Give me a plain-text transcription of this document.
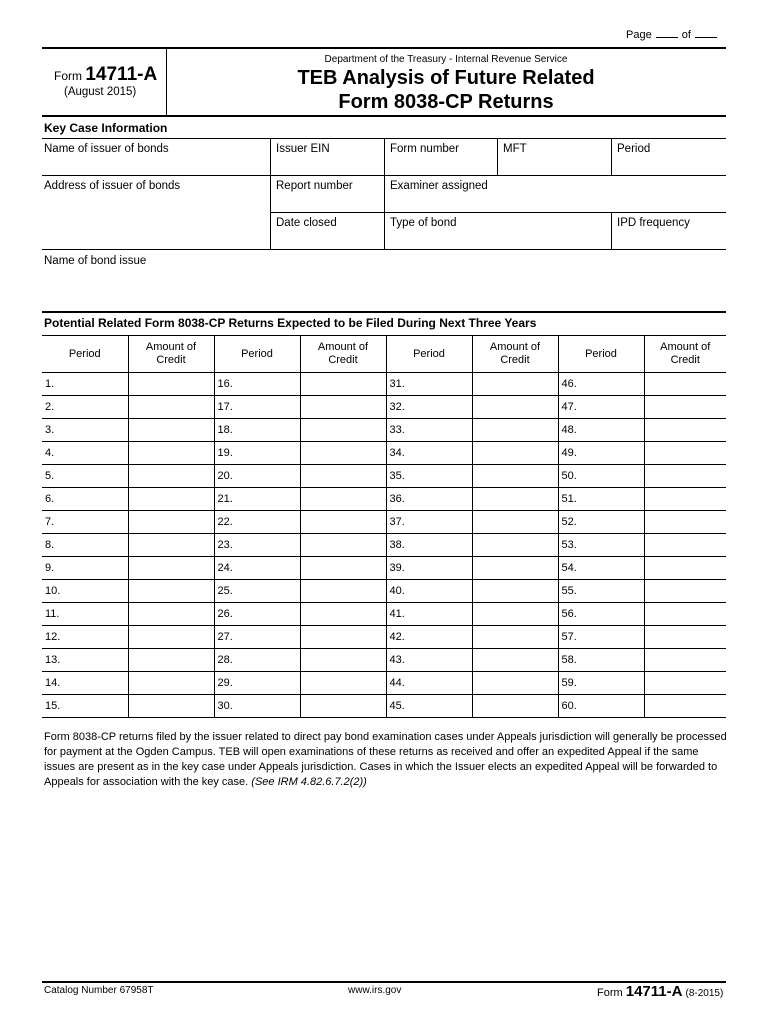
Page	of
Form 14711-A
(August 2015)
Department of the Treasury - Internal Revenue Service
TEB Analysis of Future Related
Form 8038-CP Returns
Key Case Information
Name of issuer of bonds	Issuer EIN	Form number	MFT	Period
Address of issuer of bonds	Report number	Examiner assigned
Date closed	Type of bond	IPD frequency
Name of bond issue
Potential Related Form 8038-CP Returns Expected to be Filed During Next Three Years
Period	Amount of
Credit	Period	Amount of
Credit	Period	Amount of
Credit	Period	Amount of
Credit
1.		16.		31.		46.	
2.		17.		32.		47.	
3.		18.		33.		48.	
4.		19.		34.		49.	
5.		20.		35.		50.	
6.		21.		36.		51.	
7.		22.		37.		52.	
8.		23.		38.		53.	
9.		24.		39.		54.	
10.		25.		40.		55.	
11.		26.		41.		56.	
12.		27.		42.		57.	
13.		28.		43.		58.	
14.		29.		44.		59.	
15.		30.		45.		60.	
Form 8038-CP returns filed by the issuer related to direct pay bond examination cases under Appeals jurisdiction will generally be processed for payment at the Ogden Campus. TEB will open examinations of these returns as received and offer an expedited Appeal if the same issues are present as in the key case under Appeals jurisdiction. Cases in which the Issuer elects an expedited Appeal will be forwarded to Appeals for association with the key case. (See IRM 4.82.6.7.2(2))
Catalog Number 67958T	www.irs.gov	Form 14711-A (8-2015)
